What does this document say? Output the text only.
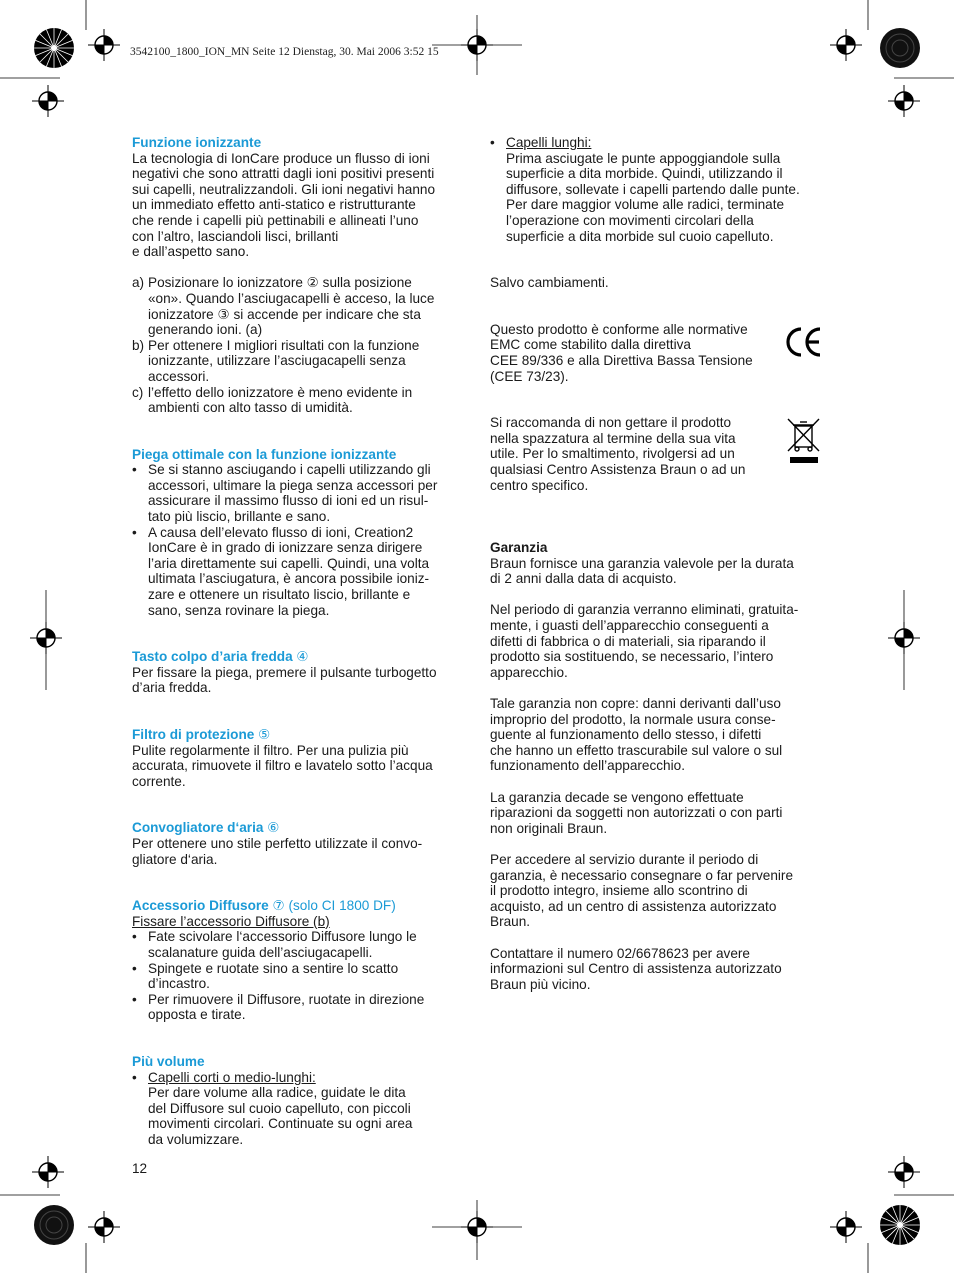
3542100_1800_ION_MN Seite 12 Dienstag, 30. Mai 2006 3:52 15
Funzione ionizzante

La tecnologia di IonCare produce un flusso di ioni
negativi che sono attratti dagli ioni positivi presenti
sui capelli, neutralizzandoli. Gli ioni negativi hanno
un immediato effetto anti-statico e ristrutturante
che rende i capelli più pettinabili e allineati l’uno
con l’altro, lasciandoli lisci, brillanti
e dall’aspetto sano.

a) Posizionare lo ionizzatore ② sulla posizione
«on». Quando l’asciugacapelli è acceso, la luce
ionizzatore ③ si accende per indicare che sta
generando ioni. (a)
b) Per ottenere I migliori risultati con la funzione
ionizzante, utilizzare l’asciugacapelli senza
accessori.
c) l’effetto dello ionizzatore è meno evidente in
ambienti con alto tasso di umidità.
Piega ottimale con la funzione ionizzante
• Se si stanno asciugando i capelli utilizzando gli
accessori, ultimare la piega senza accessori per
assicurare il massimo flusso di ioni ed un risul-
tato più liscio, brillante e sano.
• A causa dell’elevato flusso di ioni, Creation2
IonCare è in grado di ionizzare senza dirigere
l’aria direttamente sui capelli. Quindi, una volta
ultimata l’asciugatura, è ancora possibile ioniz-
zare e ottenere un risultato liscio, brillante e
sano, senza rovinare la piega.
Tasto colpo d’aria fredda ④

Per fissare la piega, premere il pulsante turbogetto
d’aria fredda.

Filtro di protezione ⑤

Pulite regolarmente il filtro. Per una pulizia più
accurata, rimuovete il filtro e lavatelo sotto l’acqua
corrente.

Convogliatore d‘aria ⑥

Per ottenere uno stile perfetto utilizzate il convo-
gliatore d‘aria.

Accessorio Diffusore ⑦ (solo CI 1800 DF)
Fissare l’accessorio Diffusore (b)
• Fate scivolare l‘accessorio Diffusore lungo le
scalanature guida dell’asciugacapelli.
• Spingete e ruotate sino a sentire lo scatto
d’incastro.
• Per rimuovere il Diffusore, ruotate in direzione
opposta e tirate.
Più volume
• Capelli corti o medio-lunghi:
Per dare volume alla radice, guidate le dita
del Diffusore sul cuoio capelluto, con piccoli
movimenti circolari. Continuate su ogni area
da volumizzare.
• Capelli lunghi:
Prima asciugate le punte appoggiandole sulla
superficie a dita morbide. Quindi, utilizzando il
diffusore, sollevate i capelli partendo dalle punte.
Per dare maggior volume alle radici, terminate
l’operazione con movimenti circolari della
superficie a dita morbide sul cuoio capelluto.

Salvo cambiamenti.

Questo prodotto è conforme alle normative
EMC come stabilito dalla direttiva
CEE 89/336 e alla Direttiva Bassa Tensione
(CEE 73/23).

Si raccomanda di non gettare il prodotto
nella spazzatura al termine della sua vita
utile. Per lo smaltimento, rivolgersi ad un
qualsiasi Centro Assistenza Braun o ad un
centro specifico.

Garanzia

Braun fornisce una garanzia valevole per la durata
di 2 anni dalla data di acquisto.

Nel periodo di garanzia verranno eliminati, gratuita-
mente, i guasti dell’apparecchio conseguenti a
difetti di fabbrica o di materiali, sia riparando il
prodotto sia sostituendo, se necessario, l’intero
apparecchio.

Tale garanzia non copre: danni derivanti dall’uso
improprio del prodotto, la normale usura conse-
guente al funzionamento dello stesso, i difetti
che hanno un effetto trascurabile sul valore o sul
funzionamento dell’apparecchio.

La garanzia decade se vengono effettuate
riparazioni da soggetti non autorizzati o con parti
non originali Braun.

Per accedere al servizio durante il periodo di
garanzia, è necessario consegnare o far pervenire
il prodotto integro, insieme allo scontrino di
acquisto, ad un centro di assistenza autorizzato
Braun.

Contattare il numero 02/6678623 per avere
informazioni sul Centro di assistenza autorizzato
Braun più vicino.

12
